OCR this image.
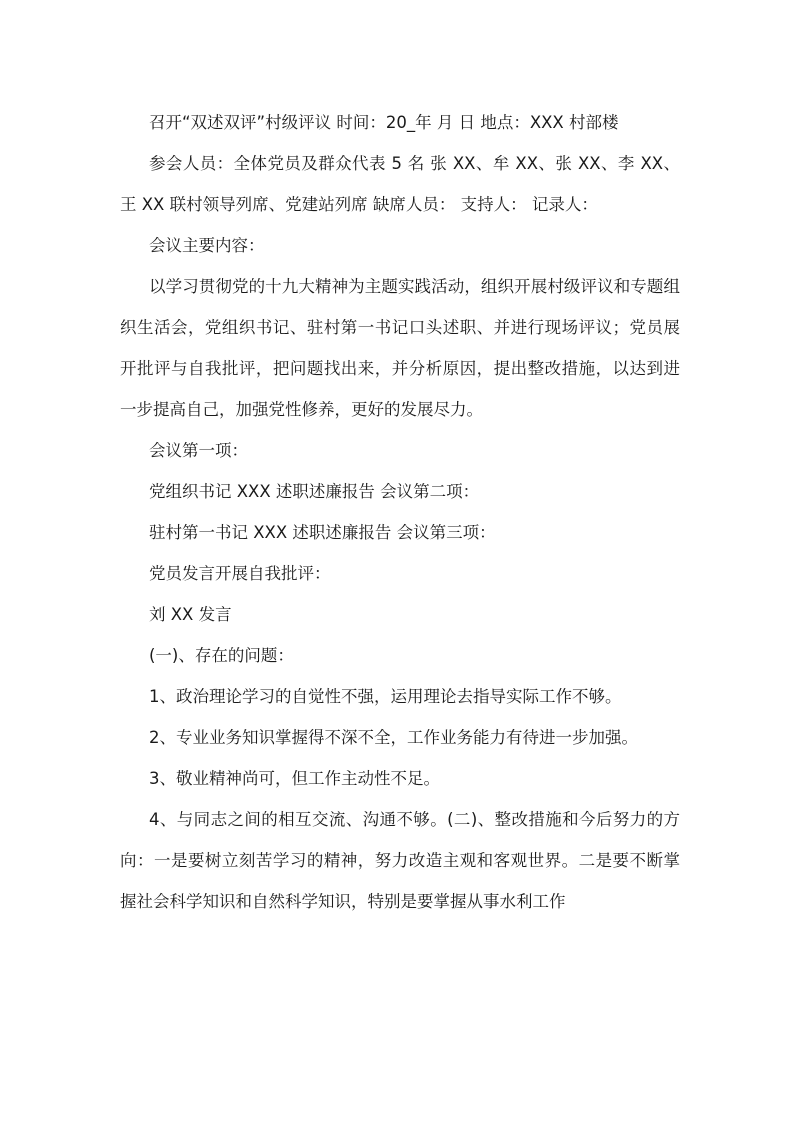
召开“双述双评”村级评议 时间：20_年 月 日 地点：XXX 村部楼

参会人员：全体党员及群众代表 5 名 张 XX、牟 XX、张 XX、李 XX、王 XX 联村领导列席、党建站列席 缺席人员： 支持人： 记录人：

会议主要内容：

以学习贯彻党的十九大精神为主题实践活动，组织开展村级评议和专题组织生活会，党组织书记、驻村第一书记口头述职、并进行现场评议；党员展开批评与自我批评，把问题找出来，并分析原因，提出整改措施，以达到进一步提高自己，加强党性修养，更好的发展尽力。

会议第一项：

党组织书记 XXX 述职述廉报告 会议第二项：

驻村第一书记 XXX 述职述廉报告 会议第三项：

党员发言开展自我批评：

刘 XX 发言

(一)、存在的问题：

1、政治理论学习的自觉性不强，运用理论去指导实际工作不够。

2、专业业务知识掌握得不深不全，工作业务能力有待进一步加强。

3、敬业精神尚可，但工作主动性不足。

4、与同志之间的相互交流、沟通不够。(二)、整改措施和今后努力的方向：一是要树立刻苦学习的精神，努力改造主观和客观世界。二是要不断掌握社会科学知识和自然科学知识，特别是要掌握从事水利工作
